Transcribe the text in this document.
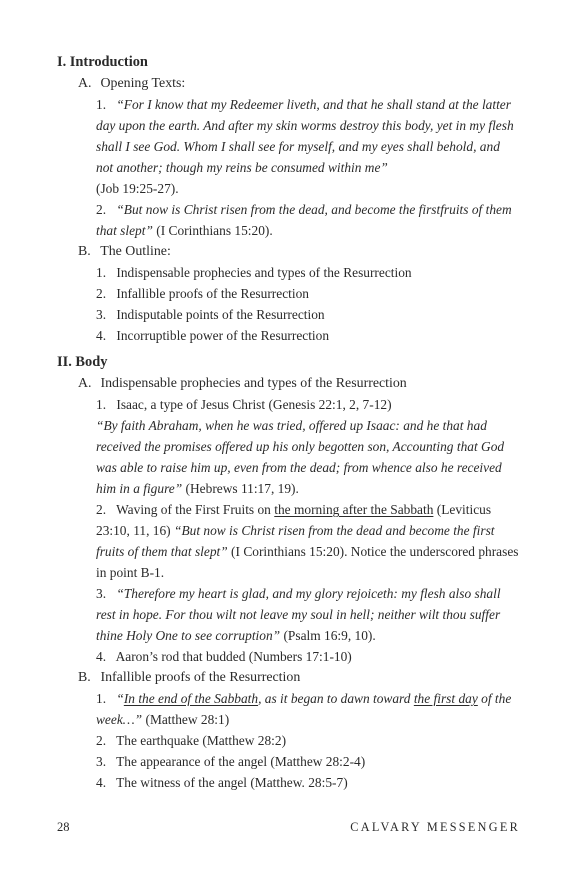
I. Introduction
A. Opening Texts:
1. “For I know that my Redeemer liveth, and that he shall stand at the latter day upon the earth. And after my skin worms destroy this body, yet in my flesh shall I see God. Whom I shall see for myself, and my eyes shall behold, and not another; though my reins be consumed within me”
(Job 19:25-27).
2. “But now is Christ risen from the dead, and become the firstfruits of them that slept” (I Corinthians 15:20).
B. The Outline:
1. Indispensable prophecies and types of the Resurrection
2. Infallible proofs of the Resurrection
3. Indisputable points of the Resurrection
4. Incorruptible power of the Resurrection
II. Body
A. Indispensable prophecies and types of the Resurrection
1. Isaac, a type of Jesus Christ (Genesis 22:1, 2, 7-12)
“By faith Abraham, when he was tried, offered up Isaac: and he that had received the promises offered up his only begotten son, Accounting that God was able to raise him up, even from the dead; from whence also he received him in a figure” (Hebrews 11:17, 19).
2. Waving of the First Fruits on the morning after the Sabbath (Leviticus 23:10, 11, 16) “But now is Christ risen from the dead and become the first fruits of them that slept” (I Corinthians 15:20). Notice the underscored phrases in point B-1.
3. “Therefore my heart is glad, and my glory rejoiceth: my flesh also shall rest in hope. For thou wilt not leave my soul in hell; neither wilt thou suffer thine Holy One to see corruption” (Psalm 16:9, 10).
4. Aaron’s rod that budded (Numbers 17:1-10)
B. Infallible proofs of the Resurrection
1. “In the end of the Sabbath, as it began to dawn toward the first day of the week…” (Matthew 28:1)
2. The earthquake (Matthew 28:2)
3. The appearance of the angel (Matthew 28:2-4)
4. The witness of the angel (Matthew. 28:5-7)
28	CALVARY MESSENGER
